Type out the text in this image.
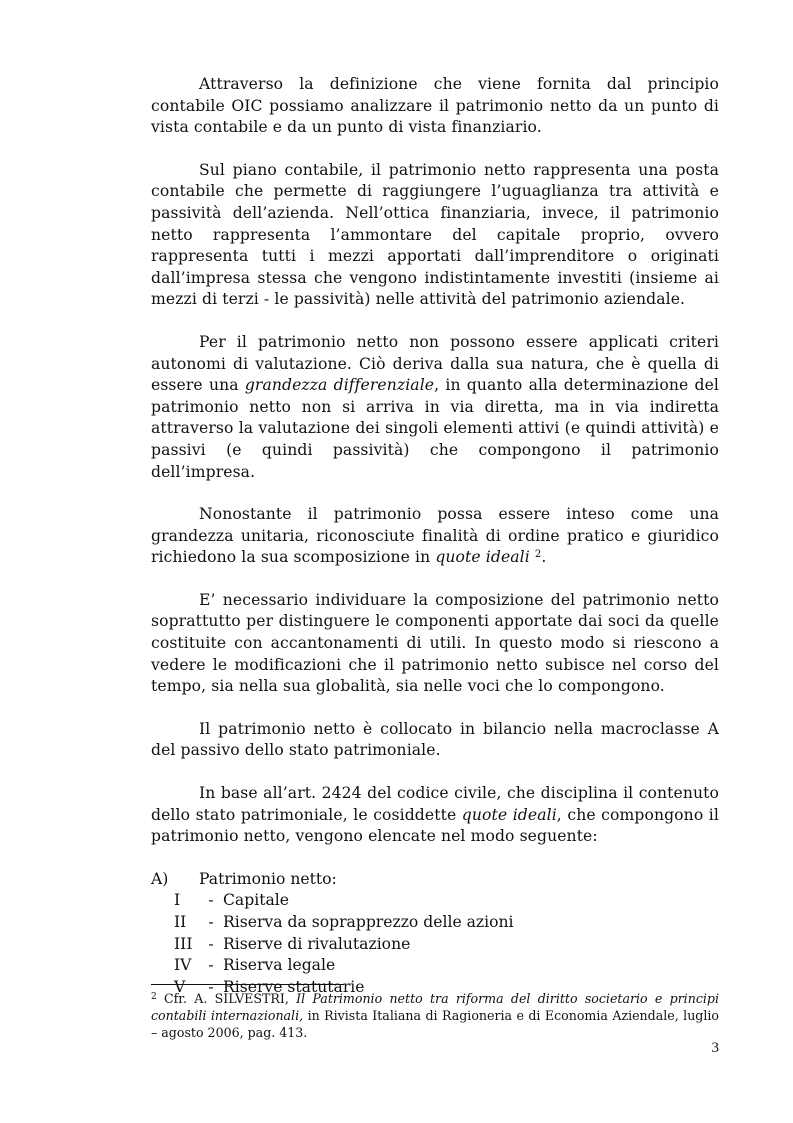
Attraverso la definizione che viene fornita dal principio contabile OIC possiamo analizzare il patrimonio netto da un punto di vista contabile e da un punto di vista finanziario.

Sul piano contabile, il patrimonio netto rappresenta una posta contabile che permette di raggiungere l’uguaglianza tra attività e passività dell’azienda. Nell’ottica finanziaria, invece, il patrimonio netto rappresenta l’ammontare del capitale proprio, ovvero rappresenta tutti i mezzi apportati dall’imprenditore o originati dall’impresa stessa che vengono indistintamente investiti (insieme ai mezzi di terzi - le passività) nelle attività del patrimonio aziendale.

Per il patrimonio netto non possono essere applicati criteri autonomi di valutazione. Ciò deriva dalla sua natura, che è quella di essere una grandezza differenziale, in quanto alla determinazione del patrimonio netto non si arriva in via diretta, ma in via indiretta attraverso la valutazione dei singoli elementi attivi (e quindi attività) e passivi (e quindi passività) che compongono il patrimonio dell’impresa.

Nonostante il patrimonio possa essere inteso come una grandezza unitaria, riconosciute finalità di ordine pratico e giuridico richiedono la sua scomposizione in quote ideali $^2$.

E’ necessario individuare la composizione del patrimonio netto soprattutto per distinguere le componenti apportate dai soci da quelle costituite con accantonamenti di utili. In questo modo si riescono a vedere le modificazioni che il patrimonio netto subisce nel corso del tempo, sia nella sua globalità, sia nelle voci che lo compongono.

Il patrimonio netto è collocato in bilancio nella macroclasse A del passivo dello stato patrimoniale.

In base all’art. 2424 del codice civile, che disciplina il contenuto dello stato patrimoniale, le cosiddette quote ideali, che compongono il patrimonio netto, vengono elencate nel modo seguente:

A)	Patrimonio netto:
I	- Capitale
II	- Riserva da soprapprezzo delle azioni
III	- Riserve di rivalutazione
IV	- Riserva legale
V	- Riserve statutarie
$^2$ Cfr. A. SILVESTRI, Il Patrimonio netto tra riforma del diritto societario e principi contabili internazionali, in Rivista Italiana di Ragioneria e di Economia Aziendale, luglio – agosto 2006, pag. 413.
3
